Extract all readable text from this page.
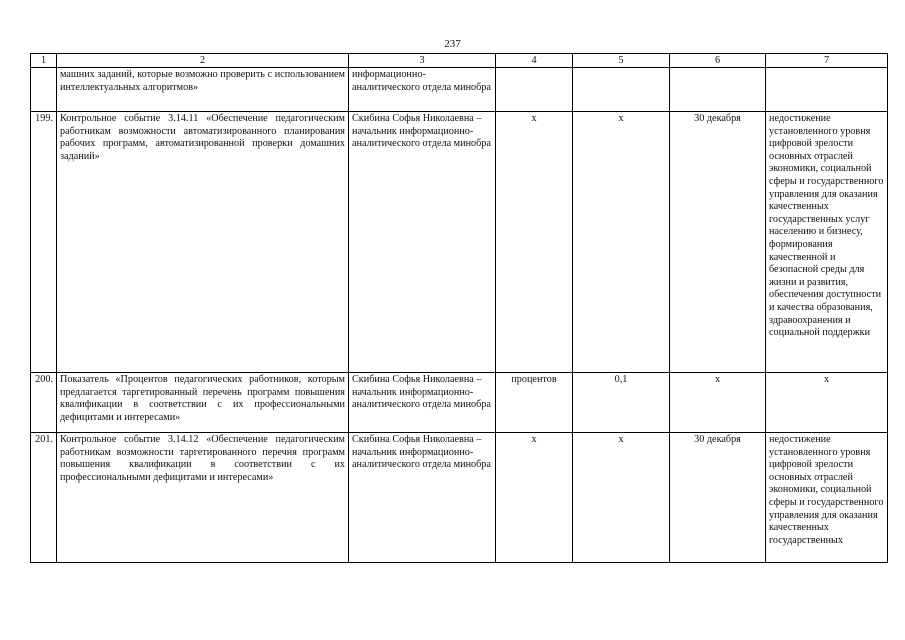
237
1	2	3	4	5	6	7
	машних заданий, которые возможно проверить с использованием интеллектуальных алгоритмов»	информационно-аналитического отдела минобра				
199.	Контрольное событие 3.14.11 «Обеспечение педагогическим работникам возможности автоматизированного планирования рабочих программ, автоматизированной проверки домашних заданий»	Скибина Софья Николаевна – начальник информационно-аналитического отдела минобра	х	х	30 декабря	недостижение установленного уровня цифровой зрелости основных отраслей экономики, социальной сферы и государственного управления для оказания качественных государственных услуг населению и бизнесу, формирования качественной и безопасной среды для жизни и развития, обеспечения доступности и качества образования, здравоохранения и социальной поддержки
200.	Показатель «Процентов педагогических работников, которым предлагается таргетированный перечень программ повышения квалификации в соответствии с их профессиональными дефицитами и интересами»	Скибина Софья Николаевна – начальник информационно-аналитического отдела минобра	процентов	0,1	х	х
201.	Контрольное событие 3.14.12 «Обеспечение педагогическим работникам возможности таргетированного перечня программ повышения квалификации в соответствии с их профессиональными дефицитами и интересами»	Скибина Софья Николаевна – начальник информационно-аналитического отдела минобра	х	х	30 декабря	недостижение установленного уровня цифровой зрелости основных отраслей экономики, социальной сферы и государственного управления для оказания качественных государственных
